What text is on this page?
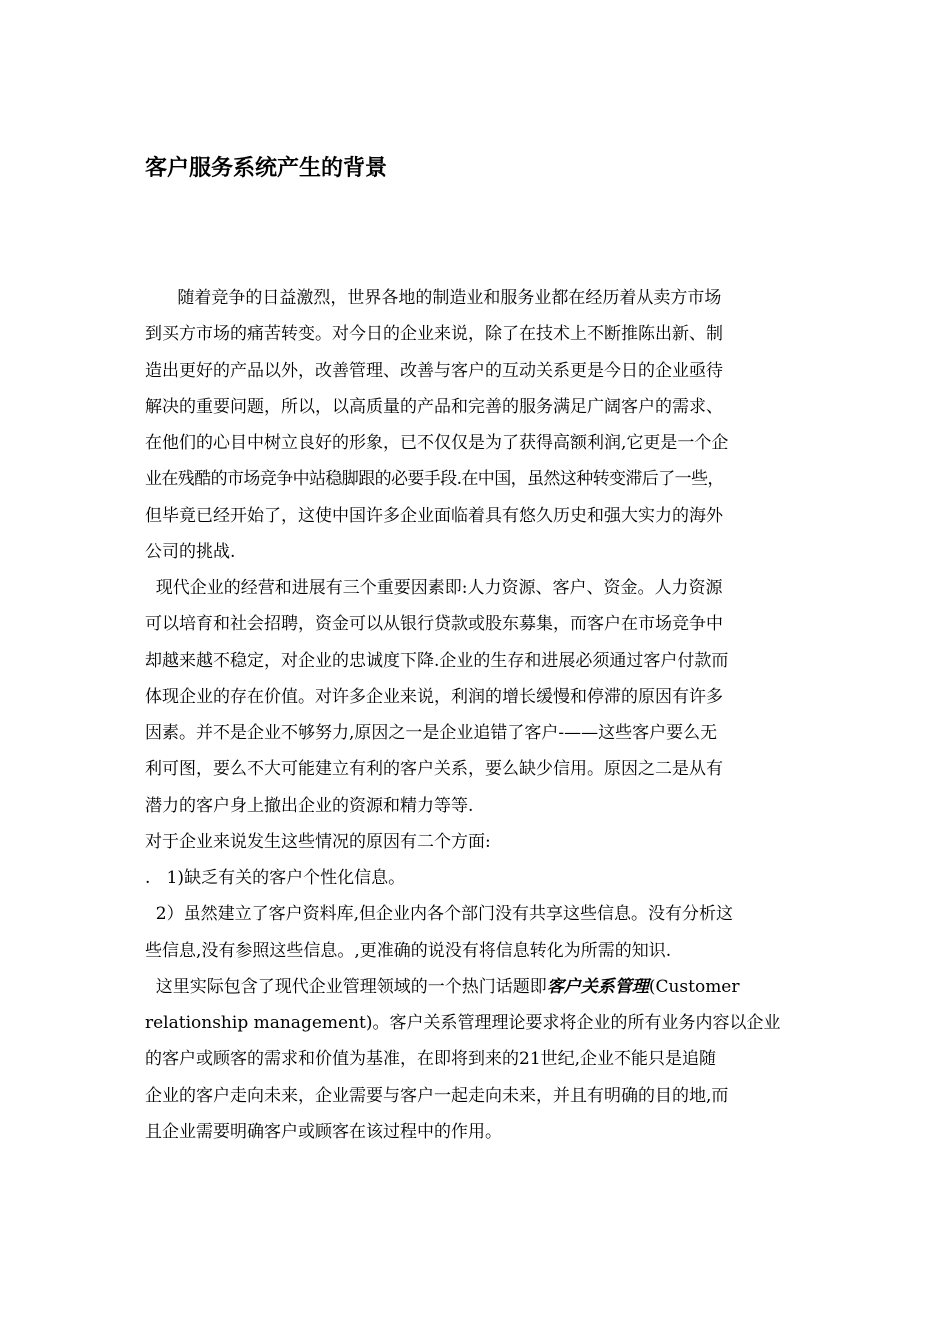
客户服务系统产生的背景
随着竞争的日益激烈，世界各地的制造业和服务业都在经历着从卖方市场
到买方市场的痛苦转变。对今日的企业来说，除了在技术上不断推陈出新、制
造出更好的产品以外，改善管理、改善与客户的互动关系更是今日的企业亟待
解决的重要问题，所以，以高质量的产品和完善的服务满足广阔客户的需求、
在他们的心目中树立良好的形象，已不仅仅是为了获得高额利润,它更是一个企
业在残酷的市场竞争中站稳脚跟的必要手段.在中国，虽然这种转变滞后了一些，
但毕竟已经开始了，这使中国许多企业面临着具有悠久历史和强大实力的海外
公司的挑战.
现代企业的经营和进展有三个重要因素即:人力资源、客户、资金。人力资源
可以培育和社会招聘，资金可以从银行贷款或股东募集，而客户在市场竞争中
却越来越不稳定，对企业的忠诚度下降.企业的生存和进展必须通过客户付款而
体现企业的存在价值。对许多企业来说，利润的增长缓慢和停滞的原因有许多
因素。并不是企业不够努力,原因之一是企业追错了客户-——这些客户要么无
利可图，要么不大可能建立有利的客户关系，要么缺少信用。原因之二是从有
潜力的客户身上撤出企业的资源和精力等等.
对于企业来说发生这些情况的原因有二个方面:
.   1)缺乏有关的客户个性化信息。
2）虽然建立了客户资料库,但企业内各个部门没有共享这些信息。没有分析这
些信息,没有参照这些信息。,更准确的说没有将信息转化为所需的知识.
这里实际包含了现代企业管理领域的一个热门话题即客户关系管理(Customer
relationship management)。客户关系管理理论要求将企业的所有业务内容以企业
的客户或顾客的需求和价值为基准，在即将到来的21世纪,企业不能只是追随
企业的客户走向未来，企业需要与客户一起走向未来，并且有明确的目的地,而
且企业需要明确客户或顾客在该过程中的作用。
